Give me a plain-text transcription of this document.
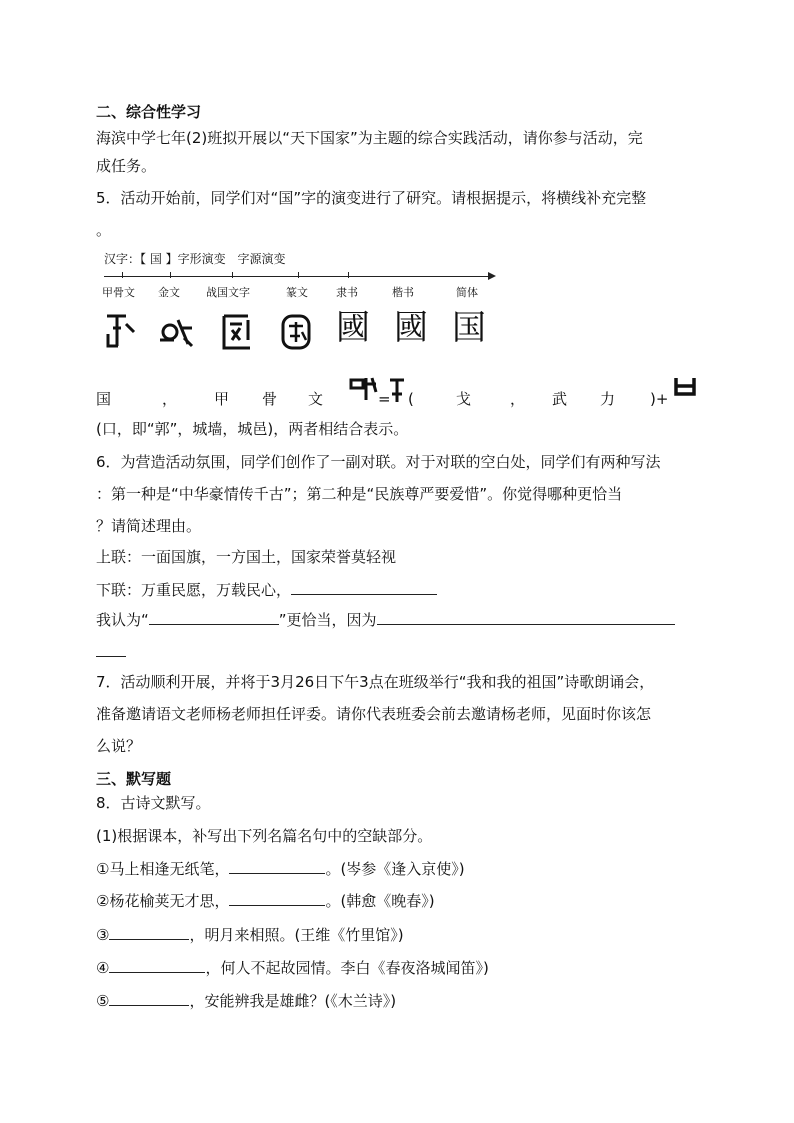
二、综合性学习
海滨中学七年(2)班拟开展以“天下国家”为主题的综合实践活动，请你参与活动，完
成任务。
5．活动开始前，同学们对“国”字的演变进行了研究。请根据提示，将横线补充完整
。
汉字：【 国 】字形演变 字源演变
甲骨文 金文 战国文字	篆文	隶书	楷书	简体
國 國 国
国	， 甲 骨 文	= (	戈	， 武 力 )+
(口，即“郭”，城墙，城邑)，两者相结合表示。
6．为营造活动氛围，同学们创作了一副对联。对于对联的空白处，同学们有两种写法
：第一种是“中华豪情传千古”；第二种是“民族尊严要爱惜”。你觉得哪种更恰当
？请简述理由。
上联：一面国旗，一方国土，国家荣誉莫轻视
下联：万重民愿，万载民心，
我认为“	”更恰当，因为
7．活动顺利开展，并将于3月26日下午3点在班级举行“我和我的祖国”诗歌朗诵会，
准备邀请语文老师杨老师担任评委。请你代表班委会前去邀请杨老师，见面时你该怎
么说？
三、默写题
8．古诗文默写。
(1)根据课本，补写出下列名篇名句中的空缺部分。
①马上相逢无纸笔，	。(岑参《逢入京使》)
②杨花榆荚无才思，	。(韩愈《晚春》)
③	，明月来相照。(王维《竹里馆》)
④	，何人不起故园情。李白《春夜洛城闻笛》)
⑤	，安能辨我是雄雌？(《木兰诗》)
